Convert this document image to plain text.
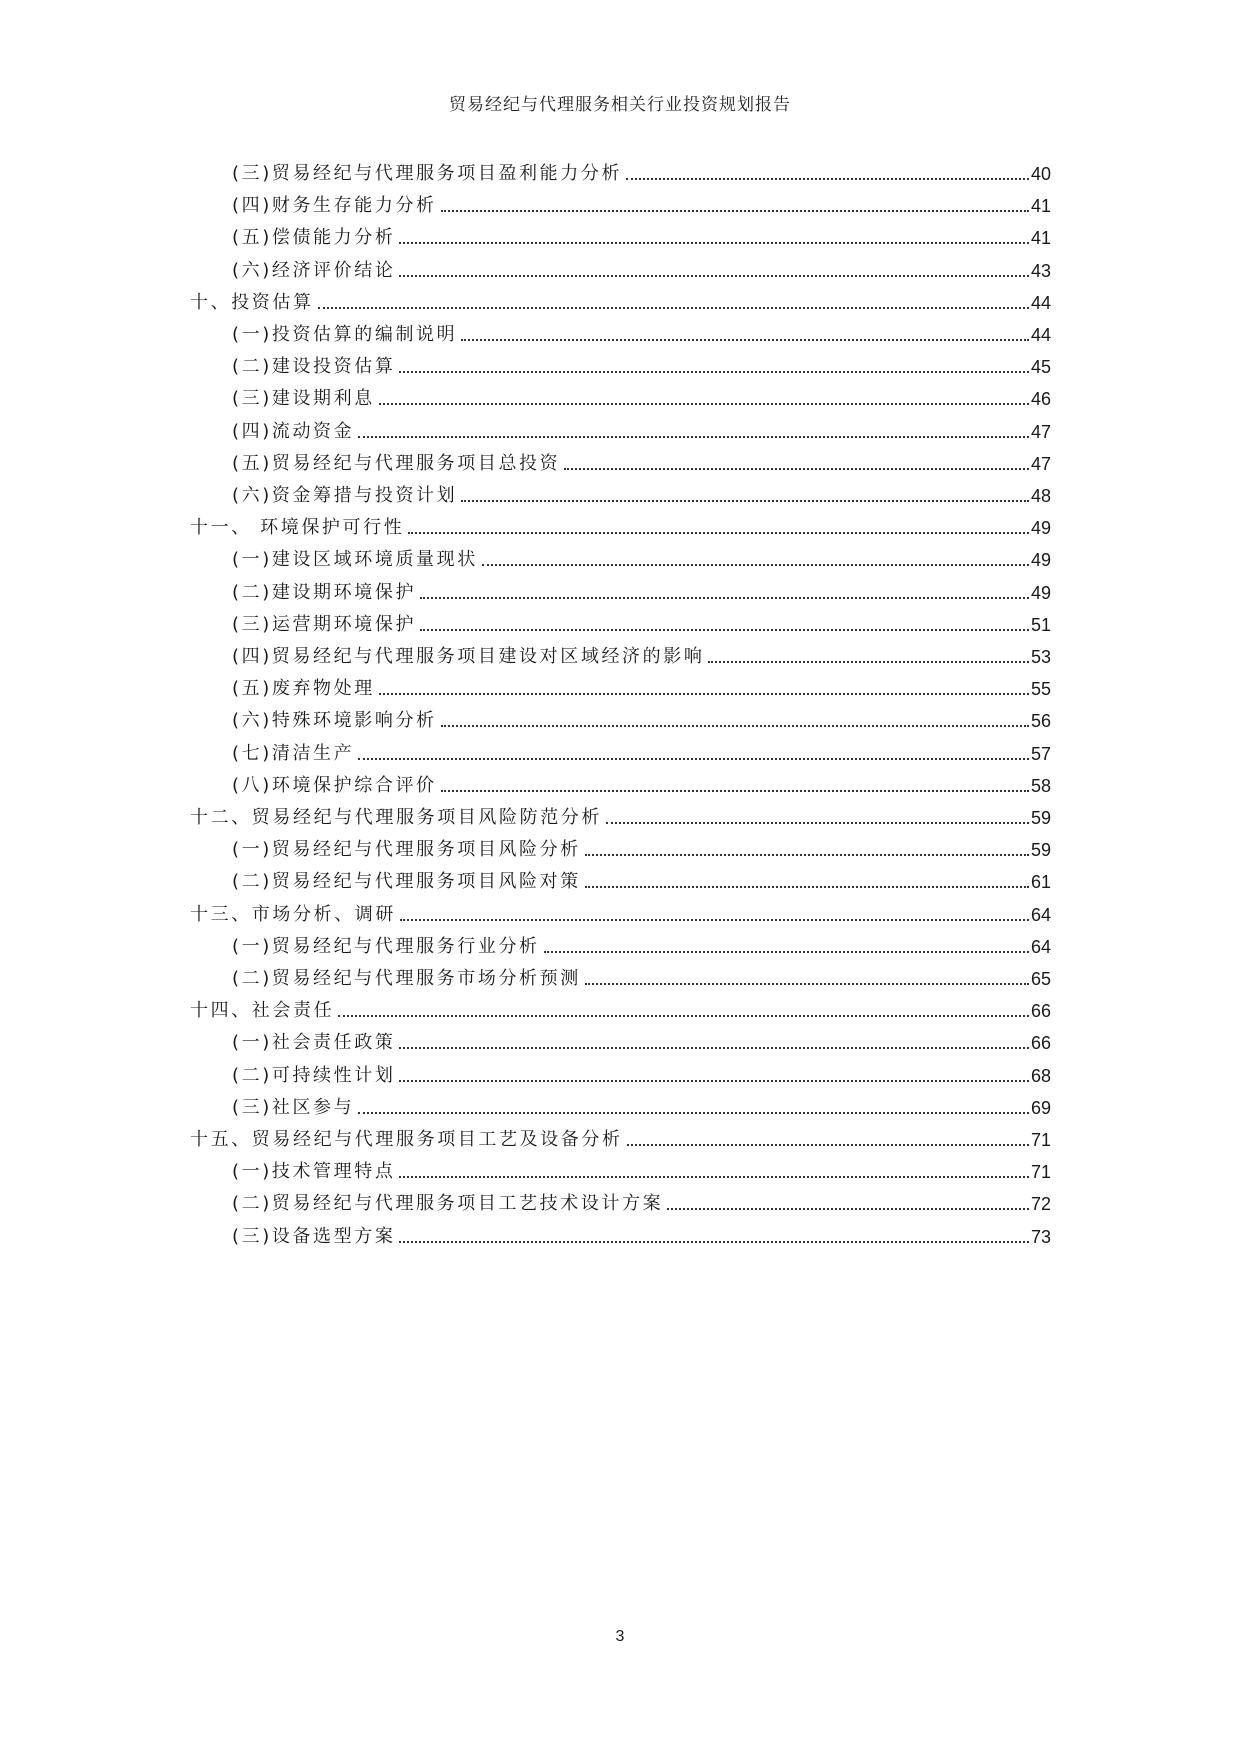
贸易经纪与代理服务相关行业投资规划报告
(三)贸易经纪与代理服务项目盈利能力分析	40
(四)财务生存能力分析	41
(五)偿债能力分析	41
(六)经济评价结论	43
十、投资估算	44
(一)投资估算的编制说明	44
(二)建设投资估算	45
(三)建设期利息	46
(四)流动资金	47
(五)贸易经纪与代理服务项目总投资	47
(六)资金筹措与投资计划	48
十一、 环境保护可行性	49
(一)建设区域环境质量现状	49
(二)建设期环境保护	49
(三)运营期环境保护	51
(四)贸易经纪与代理服务项目建设对区域经济的影响	53
(五)废弃物处理	55
(六)特殊环境影响分析	56
(七)清洁生产	57
(八)环境保护综合评价	58
十二、贸易经纪与代理服务项目风险防范分析	59
(一)贸易经纪与代理服务项目风险分析	59
(二)贸易经纪与代理服务项目风险对策	61
十三、市场分析、调研	64
(一)贸易经纪与代理服务行业分析	64
(二)贸易经纪与代理服务市场分析预测	65
十四、社会责任	66
(一)社会责任政策	66
(二)可持续性计划	68
(三)社区参与	69
十五、贸易经纪与代理服务项目工艺及设备分析	71
(一)技术管理特点	71
(二)贸易经纪与代理服务项目工艺技术设计方案	72
(三)设备选型方案	73
3
